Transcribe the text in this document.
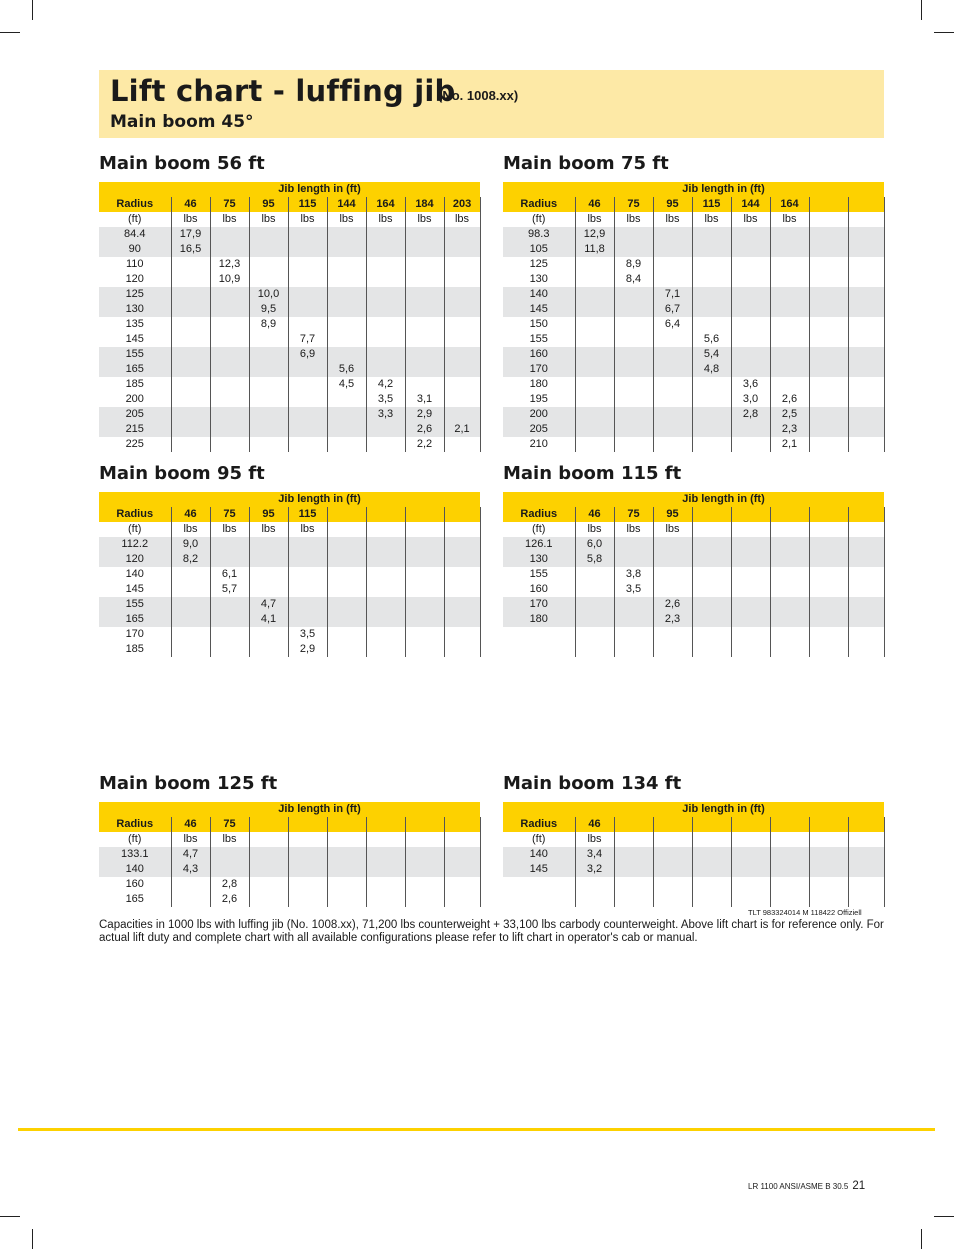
Lift chart - luffing jib
(No. 1008.xx)
Main boom 45°
Main boom 56 ft
Jib length in (ft)									
Radius	46	75	95	115	144	164	184	203	
(ft)	lbs	lbs	lbs	lbs	lbs	lbs	lbs	lbs	
84.4	17,9								
90	16,5								
110		12,3							
120		10,9							
125			10,0						
130			9,5						
135			8,9						
145				7,7					
155				6,9					
165					5,6				
185					4,5	4,2			
200						3,5	3,1		
205						3,3	2,9		
215							2,6	2,1	
225							2,2		
Main boom 75 ft
Jib length in (ft)									
Radius	46	75	95	115	144	164			
(ft)	lbs	lbs	lbs	lbs	lbs	lbs			
98.3	12,9								
105	11,8								
125		8,9							
130		8,4							
140			7,1						
145			6,7						
150			6,4						
155				5,6					
160				5,4					
170				4,8					
180					3,6				
195					3,0	2,6			
200					2,8	2,5			
205						2,3			
210						2,1			
Main boom 95 ft
Jib length in (ft)									
Radius	46	75	95	115					
(ft)	lbs	lbs	lbs	lbs					
112.2	9,0								
120	8,2								
140		6,1							
145		5,7							
155			4,7						
165			4,1						
170				3,5					
185				2,9					
Main boom 115 ft
Jib length in (ft)									
Radius	46	75	95						
(ft)	lbs	lbs	lbs						
126.1	6,0								
130	5,8								
155		3,8							
160		3,5							
170			2,6						
180			2,3						

Main boom 125 ft
Jib length in (ft)									
Radius	46	75							
(ft)	lbs	lbs							
133.1	4,7								
140	4,3								
160		2,8							
165		2,6							
Main boom 134 ft
Jib length in (ft)									
Radius	46								
(ft)	lbs								
140	3,4								
145	3,2								

TLT 983324014 M 118422 Offiziell
Capacities in 1000 lbs with luffing jib (No. 1008.xx), 71,200 lbs counterweight + 33,100 lbs carbody counterweight. Above lift chart is for reference only. For actual lift duty and complete chart with all available configurations please refer to lift chart in operator's cab or manual.
LR 1100 ANSI/ASME B 30.5 21
